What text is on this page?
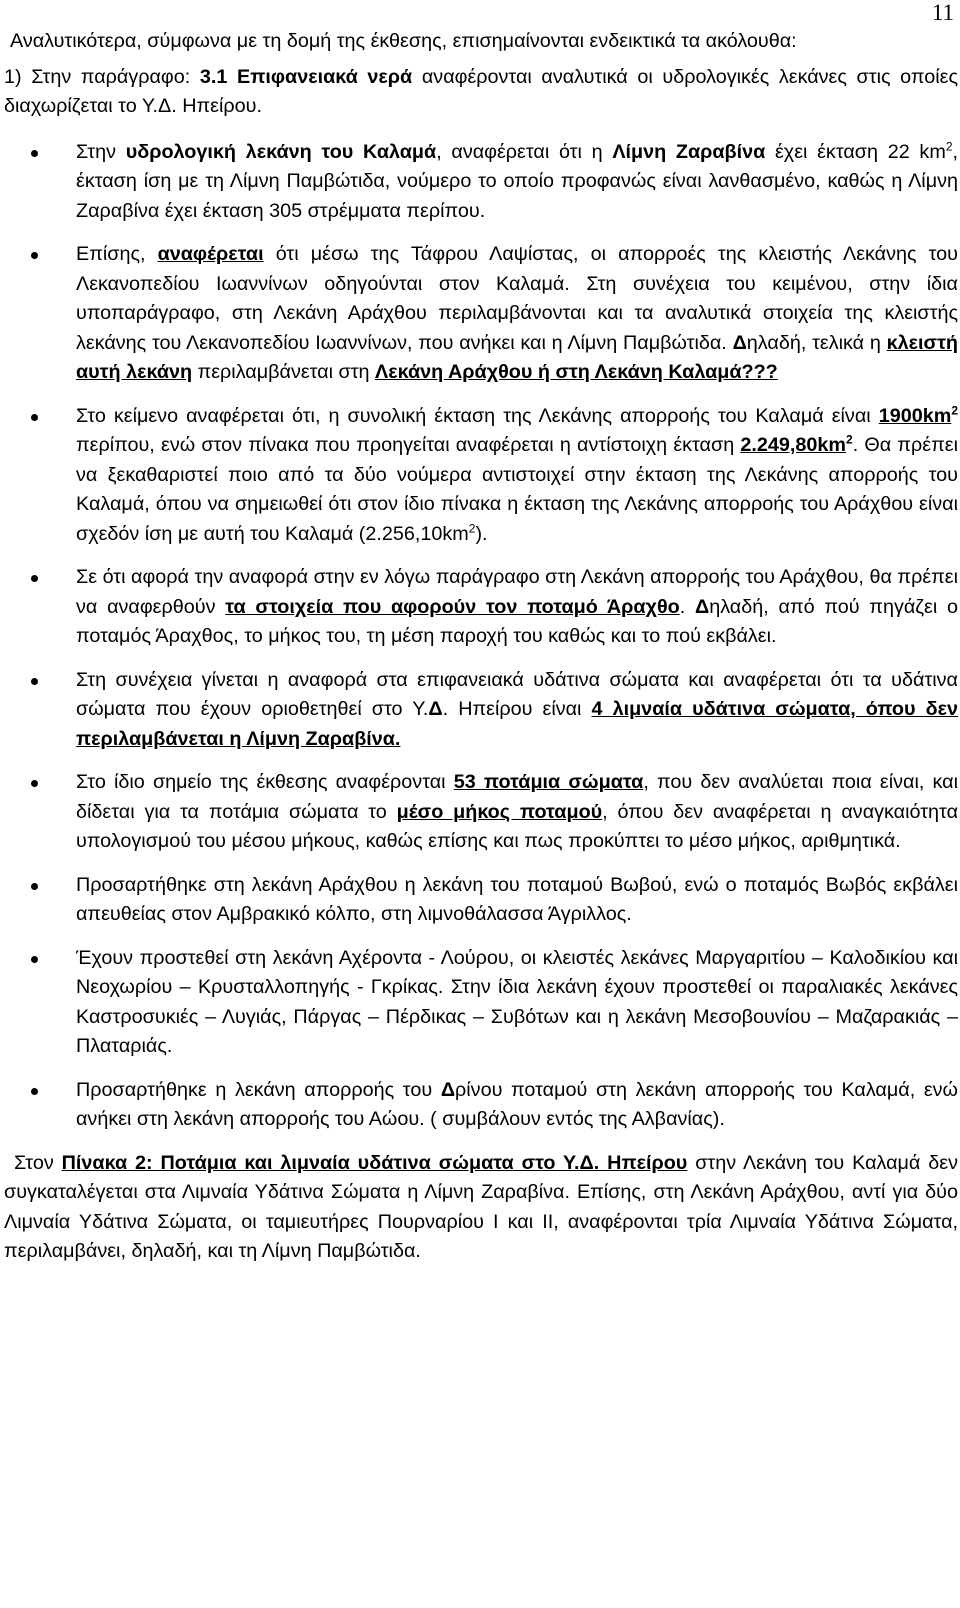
11

Αναλυτικότερα, σύμφωνα με τη δομή της έκθεσης, επισημαίνονται ενδεικτικά τα ακόλουθα:

1) Στην παράγραφο: 3.1 Επιφανειακά νερά αναφέρονται αναλυτικά οι υδρολογικές λεκάνες στις οποίες διαχωρίζεται το Υ.Δ. Ηπείρου.

Στην υδρολογική λεκάνη του Καλαμά, αναφέρεται ότι η Λίμνη Ζαραβίνα έχει έκταση 22 $km^2$, έκταση ίση με τη Λίμνη Παμβώτιδα, νούμερο το οποίο προφανώς είναι λανθασμένο, καθώς η Λίμνη Ζαραβίνα έχει έκταση 305 στρέμματα περίπου.
Επίσης, αναφέρεται ότι μέσω της Τάφρου Λαψίστας, οι απορροές της κλειστής Λεκάνης του Λεκανοπεδίου Ιωαννίνων οδηγούνται στον Καλαμά. Στη συνέχεια του κειμένου, στην ίδια υποπαράγραφο, στη Λεκάνη Αράχθου περιλαμβάνονται και τα αναλυτικά στοιχεία της κλειστής λεκάνης του Λεκανοπεδίου Ιωαννίνων, που ανήκει και η Λίμνη Παμβώτιδα. Δηλαδή, τελικά η κλειστή αυτή λεκάνη περιλαμβάνεται στη Λεκάνη Αράχθου ή στη Λεκάνη Καλαμά???
Στο κείμενο αναφέρεται ότι, η συνολική έκταση της Λεκάνης απορροής του Καλαμά είναι $1900km^2$ περίπου, ενώ στον πίνακα που προηγείται αναφέρεται η αντίστοιχη έκταση $2.249,80km^2$. Θα πρέπει να ξεκαθαριστεί ποιο από τα δύο νούμερα αντιστοιχεί στην έκταση της Λεκάνης απορροής του Καλαμά, όπου να σημειωθεί ότι στον ίδιο πίνακα η έκταση της Λεκάνης απορροής του Αράχθου είναι σχεδόν ίση με αυτή του Καλαμά $(2.256,10km^2)$.
Σε ότι αφορά την αναφορά στην εν λόγω παράγραφο στη Λεκάνη απορροής του Αράχθου, θα πρέπει να αναφερθούν τα στοιχεία που αφορούν τον ποταμό Άραχθο. Δηλαδή, από πού πηγάζει ο ποταμός Άραχθος, το μήκος του, τη μέση παροχή του καθώς και το πού εκβάλει.
Στη συνέχεια γίνεται η αναφορά στα επιφανειακά υδάτινα σώματα και αναφέρεται ότι τα υδάτινα σώματα που έχουν οριοθετηθεί στο Υ.Δ. Ηπείρου είναι 4 λιμναία υδάτινα σώματα, όπου δεν περιλαμβάνεται η Λίμνη Ζαραβίνα.
Στο ίδιο σημείο της έκθεσης αναφέρονται 53 ποτάμια σώματα, που δεν αναλύεται ποια είναι, και δίδεται για τα ποτάμια σώματα το μέσο μήκος ποταμού, όπου δεν αναφέρεται η αναγκαιότητα υπολογισμού του μέσου μήκους, καθώς επίσης και πως προκύπτει το μέσο μήκος, αριθμητικά.
Προσαρτήθηκε στη λεκάνη Αράχθου η λεκάνη του ποταμού Βωβού, ενώ ο ποταμός Βωβός εκβάλει απευθείας στον Αμβρακικό κόλπο, στη λιμνοθάλασσα Άγριλλος.
Έχουν προστεθεί στη λεκάνη Αχέροντα - Λούρου, οι κλειστές λεκάνες Μαργαριτίου – Καλοδικίου και Νεοχωρίου – Κρυσταλλοπηγής - Γκρίκας. Στην ίδια λεκάνη έχουν προστεθεί οι παραλιακές λεκάνες Καστροσυκιές – Λυγιάς, Πάργας – Πέρδικας – Συβότων και η λεκάνη Μεσοβουνίου – Μαζαρακιάς – Πλαταριάς.
Προσαρτήθηκε η λεκάνη απορροής του Δρίνου ποταμού στη λεκάνη απορροής του Καλαμά, ενώ ανήκει στη λεκάνη απορροής του Αώου. ( συμβάλουν εντός της Αλβανίας).

Στον Πίνακα 2: Ποτάμια και λιμναία υδάτινα σώματα στο Υ.Δ. Ηπείρου στην Λεκάνη του Καλαμά δεν συγκαταλέγεται στα Λιμναία Υδάτινα Σώματα η Λίμνη Ζαραβίνα. Επίσης, στη Λεκάνη Αράχθου, αντί για δύο Λιμναία Υδάτινα Σώματα, οι ταμιευτήρες Πουρναρίου Ι και ΙΙ, αναφέρονται τρία Λιμναία Υδάτινα Σώματα, περιλαμβάνει, δηλαδή, και τη Λίμνη Παμβώτιδα.
